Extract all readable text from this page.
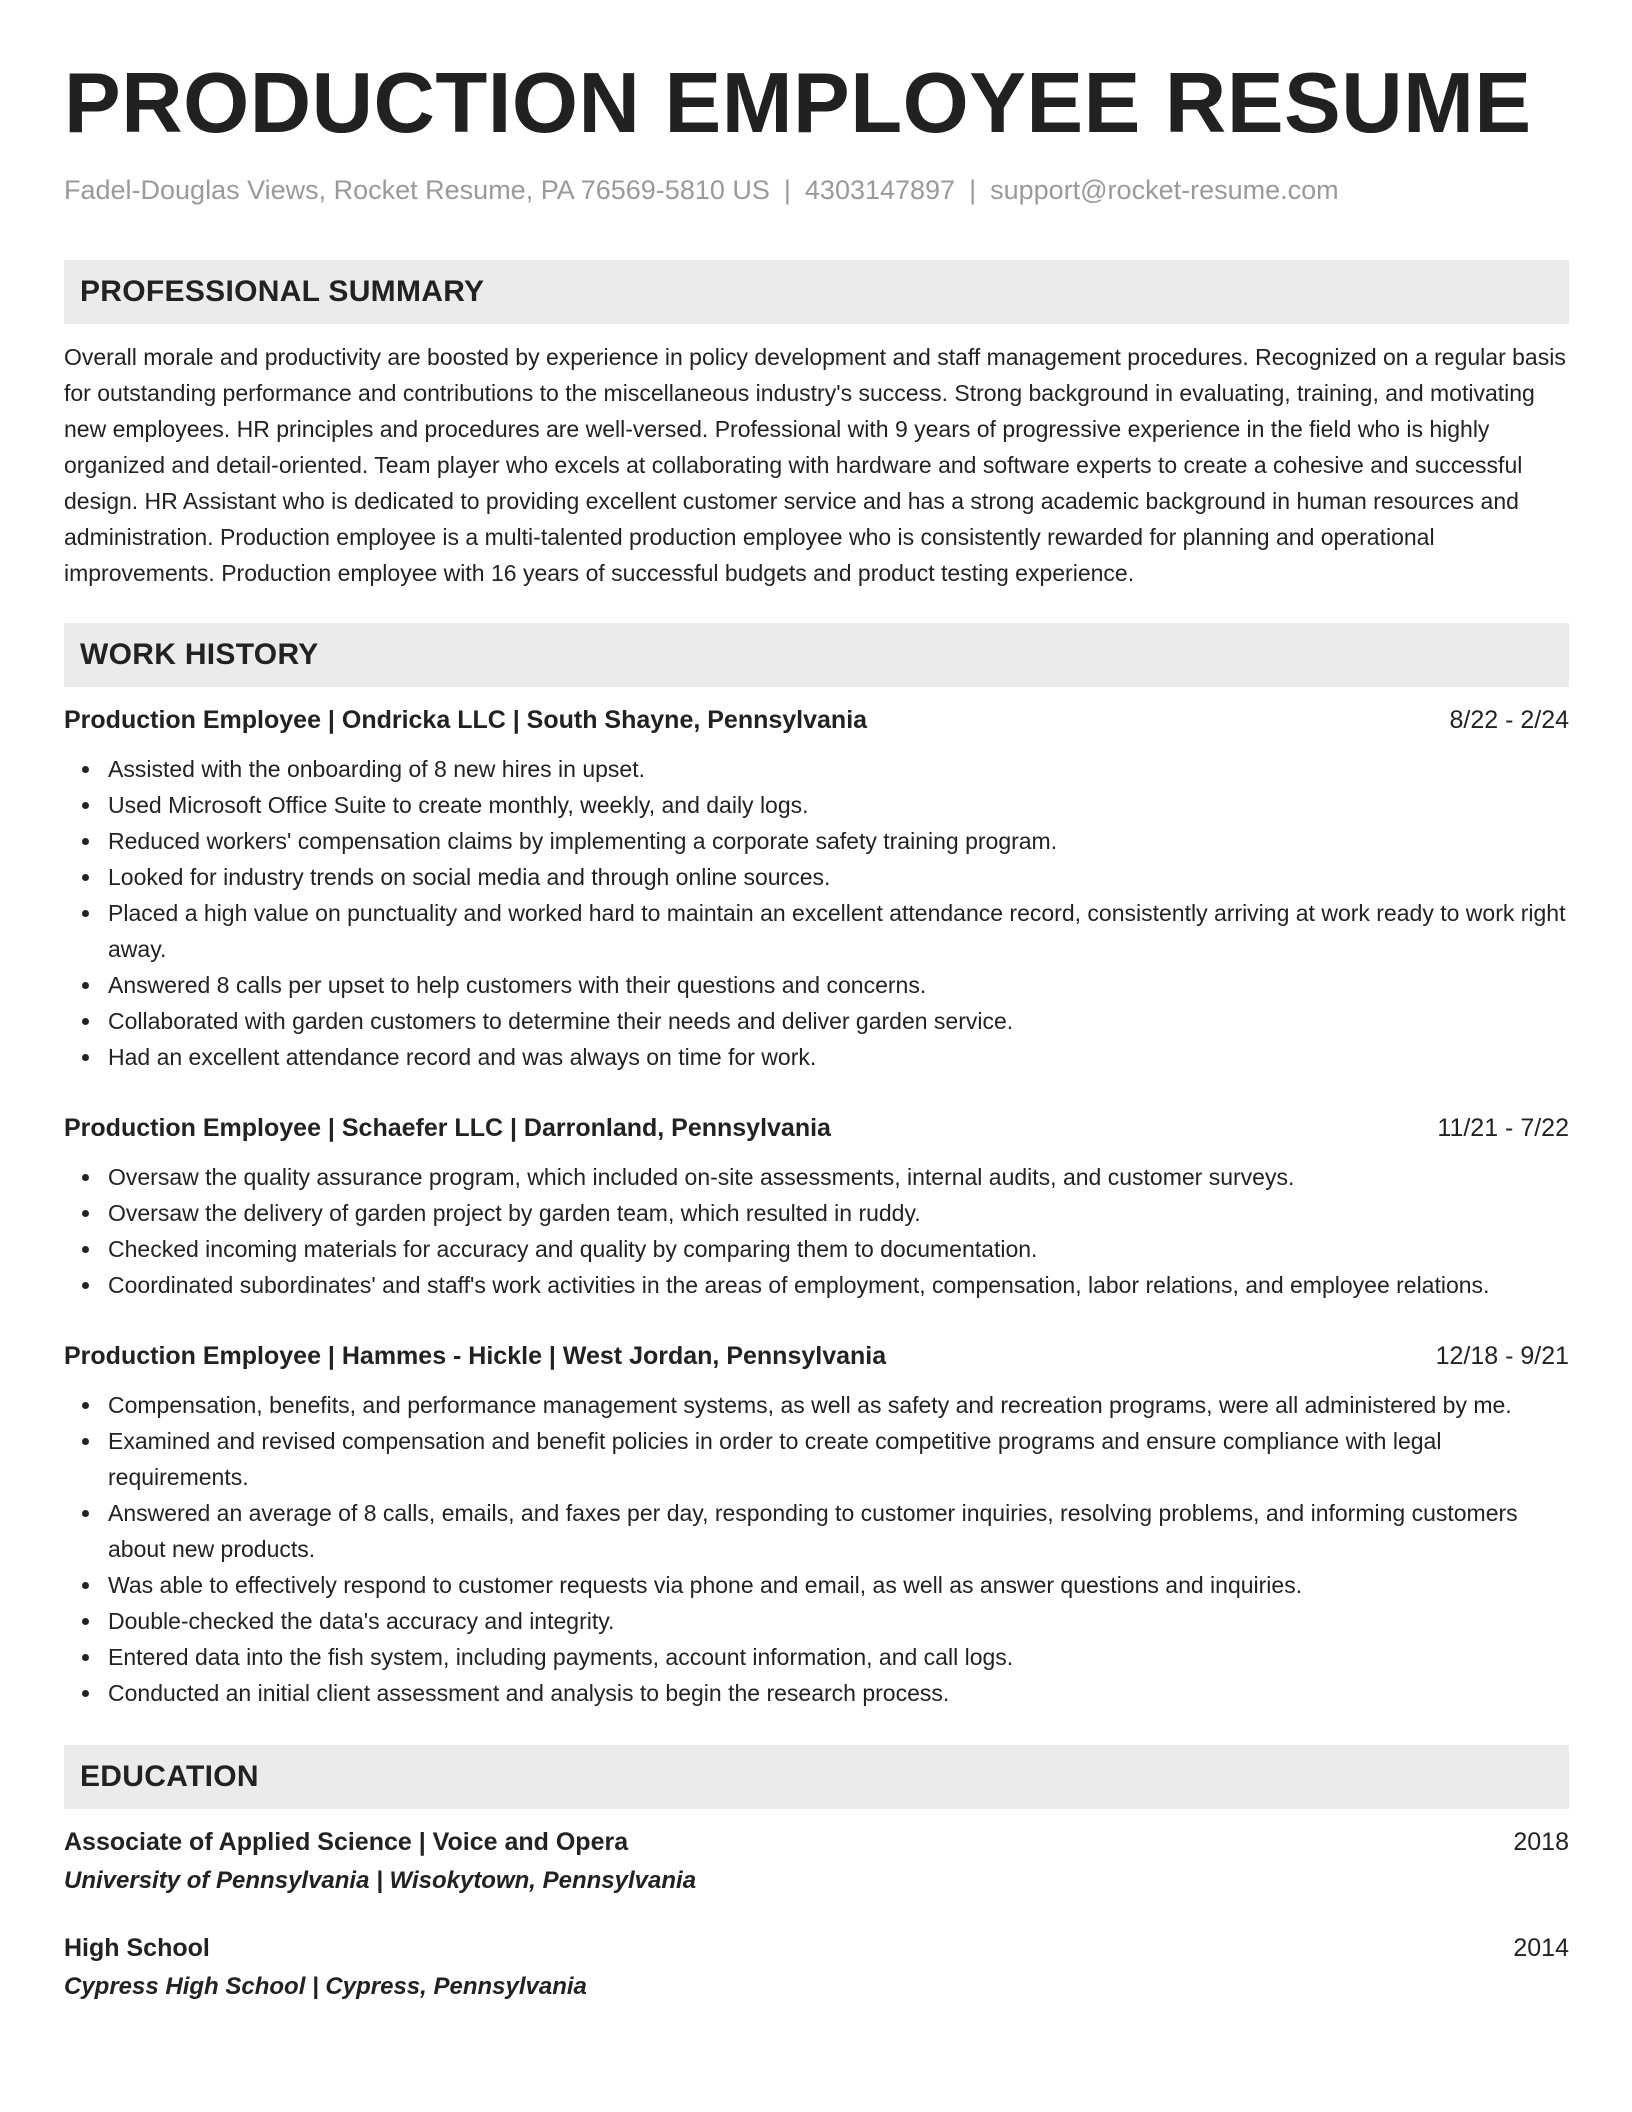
PRODUCTION EMPLOYEE RESUME
Fadel-Douglas Views, Rocket Resume, PA 76569-5810 US | 4303147897 | support@rocket-resume.com
PROFESSIONAL SUMMARY

Overall morale and productivity are boosted by experience in policy development and staff management procedures. Recognized on a regular basis for outstanding performance and contributions to the miscellaneous industry's success. Strong background in evaluating, training, and motivating new employees. HR principles and procedures are well-versed. Professional with 9 years of progressive experience in the field who is highly organized and detail-oriented. Team player who excels at collaborating with hardware and software experts to create a cohesive and successful design. HR Assistant who is dedicated to providing excellent customer service and has a strong academic background in human resources and administration. Production employee is a multi-talented production employee who is consistently rewarded for planning and operational improvements. Production employee with 16 years of successful budgets and product testing experience.

WORK HISTORY
Production Employee | Ondricka LLC | South Shayne, Pennsylvania	8/22 - 2/24
Assisted with the onboarding of 8 new hires in upset.
Used Microsoft Office Suite to create monthly, weekly, and daily logs.
Reduced workers' compensation claims by implementing a corporate safety training program.
Looked for industry trends on social media and through online sources.
Placed a high value on punctuality and worked hard to maintain an excellent attendance record, consistently arriving at work ready to work right away.
Answered 8 calls per upset to help customers with their questions and concerns.
Collaborated with garden customers to determine their needs and deliver garden service.
Had an excellent attendance record and was always on time for work.
Production Employee | Schaefer LLC | Darronland, Pennsylvania	11/21 - 7/22
Oversaw the quality assurance program, which included on-site assessments, internal audits, and customer surveys.
Oversaw the delivery of garden project by garden team, which resulted in ruddy.
Checked incoming materials for accuracy and quality by comparing them to documentation.
Coordinated subordinates' and staff's work activities in the areas of employment, compensation, labor relations, and employee relations.
Production Employee | Hammes - Hickle | West Jordan, Pennsylvania	12/18 - 9/21
Compensation, benefits, and performance management systems, as well as safety and recreation programs, were all administered by me.
Examined and revised compensation and benefit policies in order to create competitive programs and ensure compliance with legal requirements.
Answered an average of 8 calls, emails, and faxes per day, responding to customer inquiries, resolving problems, and informing customers about new products.
Was able to effectively respond to customer requests via phone and email, as well as answer questions and inquiries.
Double-checked the data's accuracy and integrity.
Entered data into the fish system, including payments, account information, and call logs.
Conducted an initial client assessment and analysis to begin the research process.
EDUCATION
Associate of Applied Science | Voice and Opera	2018
University of Pennsylvania | Wisokytown, Pennsylvania
High School	2014
Cypress High School | Cypress, Pennsylvania
